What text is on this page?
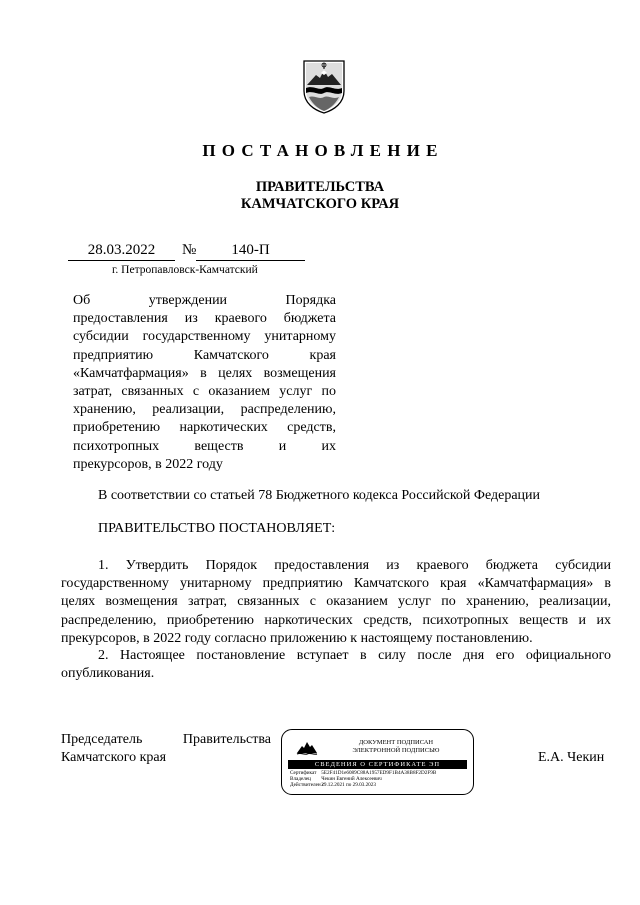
ПОСТАНОВЛЕНИЕ
ПРАВИТЕЛЬСТВА
КАМЧАТСКОГО КРАЯ
28.03.2022	№	140-П
г. Петропавловск-Камчатский
Об утверждении Порядка
предоставления из краевого бюджета
субсидии государственному унитарному
предприятию Камчатского края
«Камчатфармация» в целях возмещения
затрат, связанных с оказанием услуг по
хранению, реализации, распределению,
приобретению наркотических средств,
психотропных веществ и их
прекурсоров, в 2022 году
В соответствии со статьей 78 Бюджетного кодекса Российской Федерации
ПРАВИТЕЛЬСТВО ПОСТАНОВЛЯЕТ:
1. Утвердить Порядок предоставления из краевого бюджета субсидии
государственному унитарному предприятию Камчатского края «Камчатфармация» в
целях возмещения затрат, связанных с оказанием услуг по хранению, реализации,
распределению, приобретению наркотических средств, психотропных веществ и их
прекурсоров, в 2022 году согласно приложению к настоящему постановлению.
2. Настоящее постановление вступает в силу после дня его официального
опубликования.
Председатель	Правительства
Камчатского края	Е.А. Чекин
ДОКУМЕНТ ПОДПИСАН
ЭЛЕКТРОННОЙ ПОДПИСЬЮ
СВЕДЕНИЯ О СЕРТИФИКАТЕ ЭП
Сертификат 5E2F41D1e6089C88A1957ED9F1B4A38B8F2D2F9B
Владелец Чекин Евгений Алексеевич
Действителен с 29.12.2021 по 29.03.2023
